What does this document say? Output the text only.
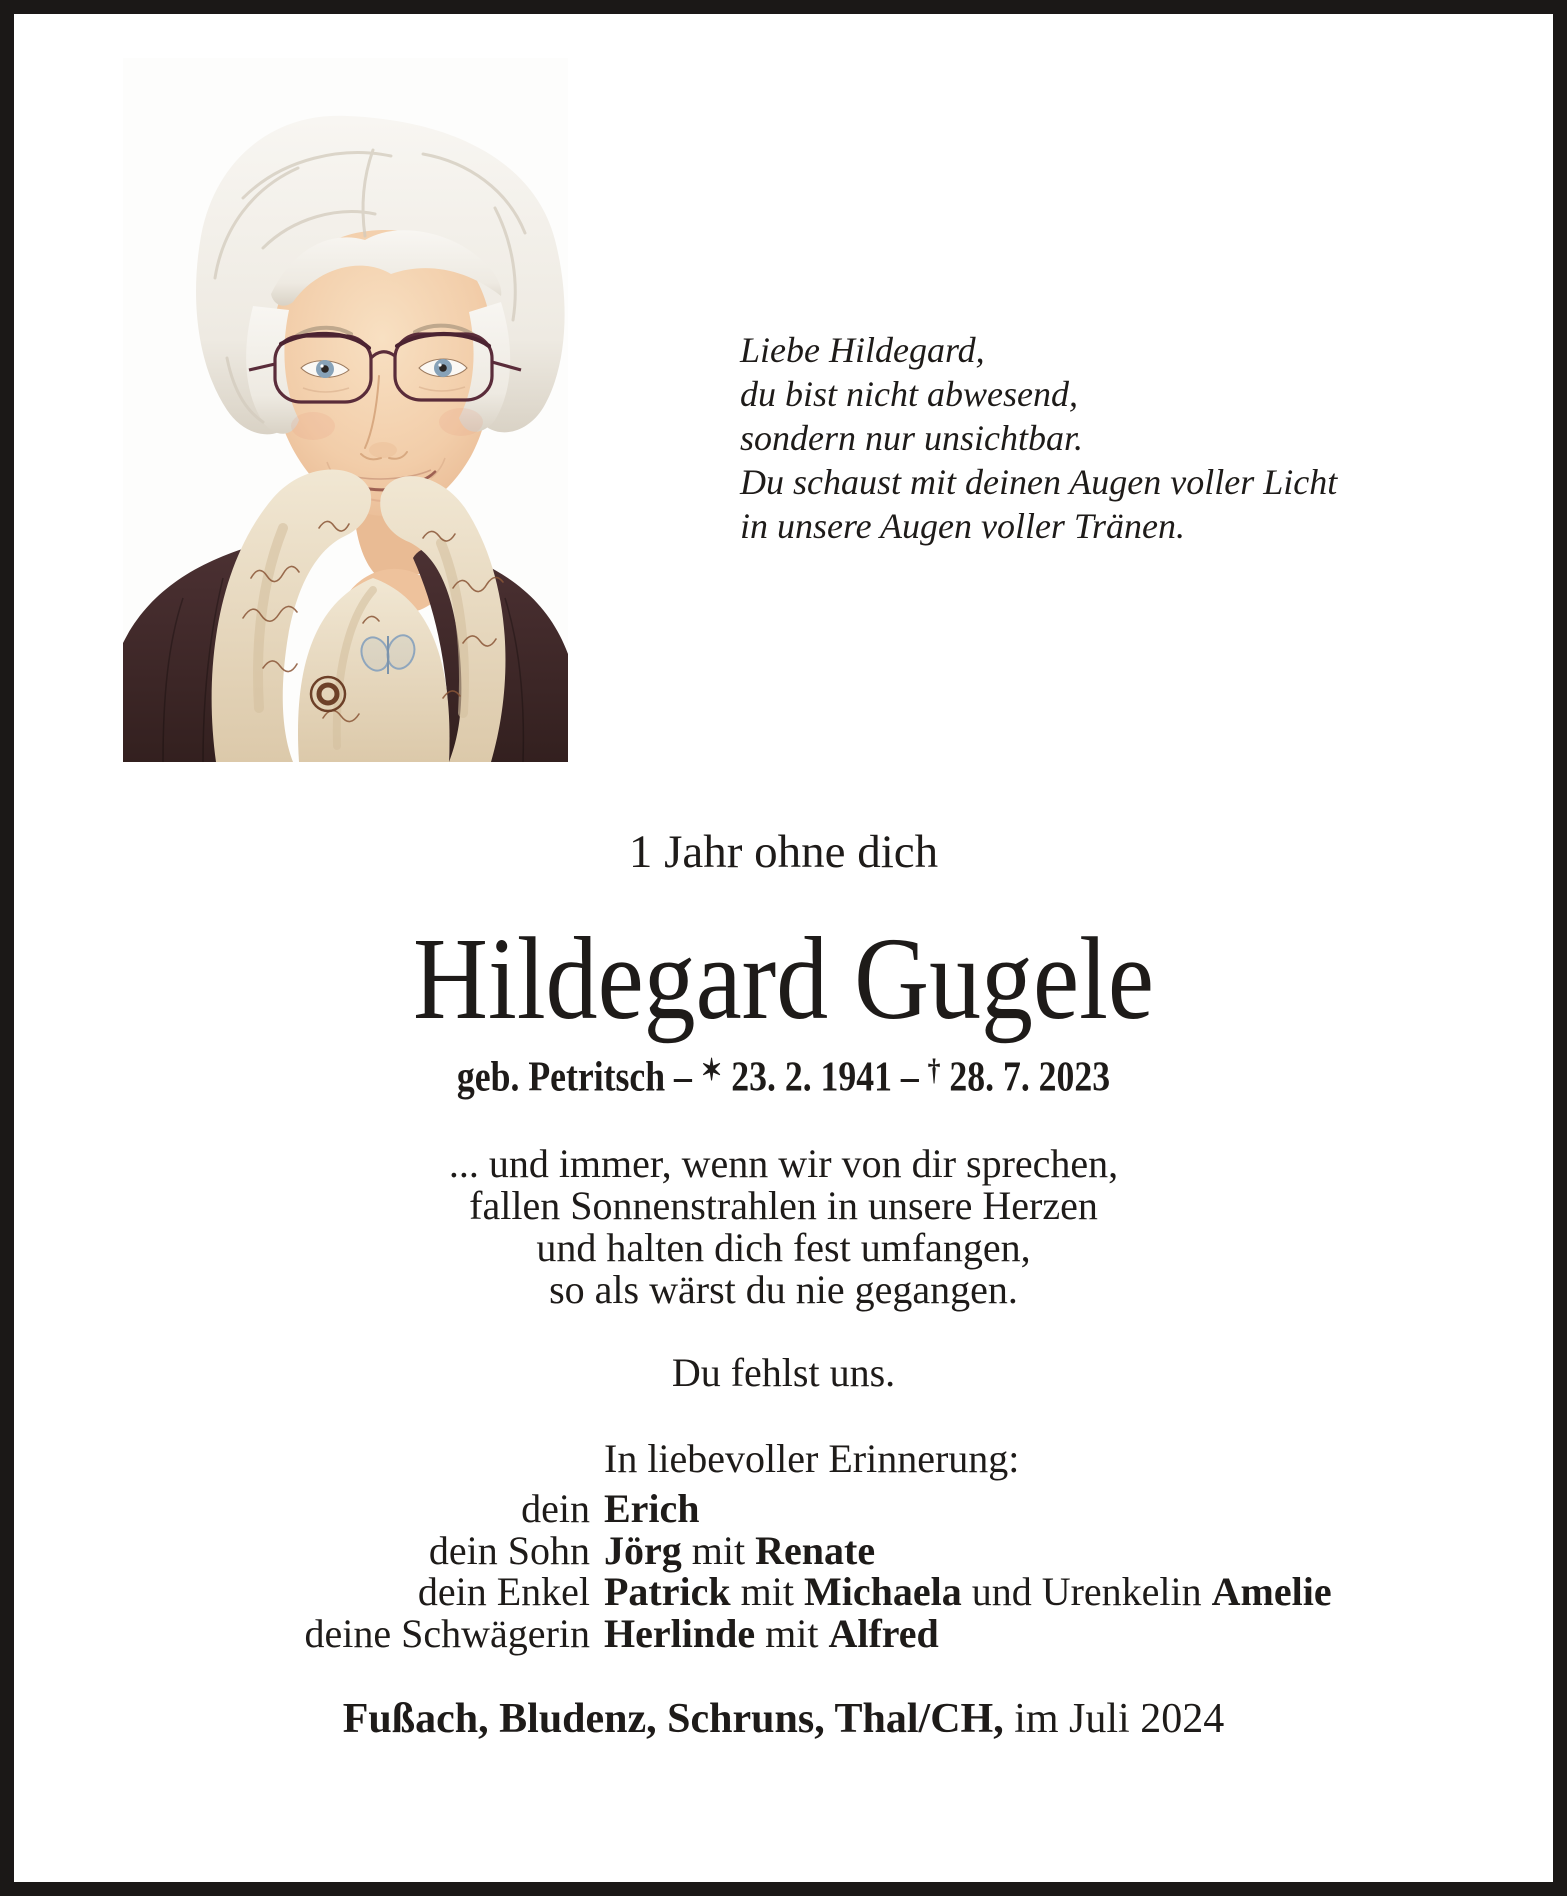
Liebe Hildegard,
du bist nicht abwesend,
sondern nur unsichtbar.
Du schaust mit deinen Augen voller Licht
in unsere Augen voller Tränen.
1 Jahr ohne dich
Hildegard Gugele
geb. Petritsch – ✶ 23. 2. 1941 – † 28. 7. 2023
... und immer, wenn wir von dir sprechen,
fallen Sonnenstrahlen in unsere Herzen
und halten dich fest umfangen,
so als wärst du nie gegangen.
Du fehlst uns.
In liebevoller Erinnerung:
dein Erich
dein Sohn Jörg mit Renate
dein Enkel Patrick mit Michaela und Urenkelin Amelie
deine Schwägerin Herlinde mit Alfred
Fußach, Bludenz, Schruns, Thal/CH, im Juli 2024
